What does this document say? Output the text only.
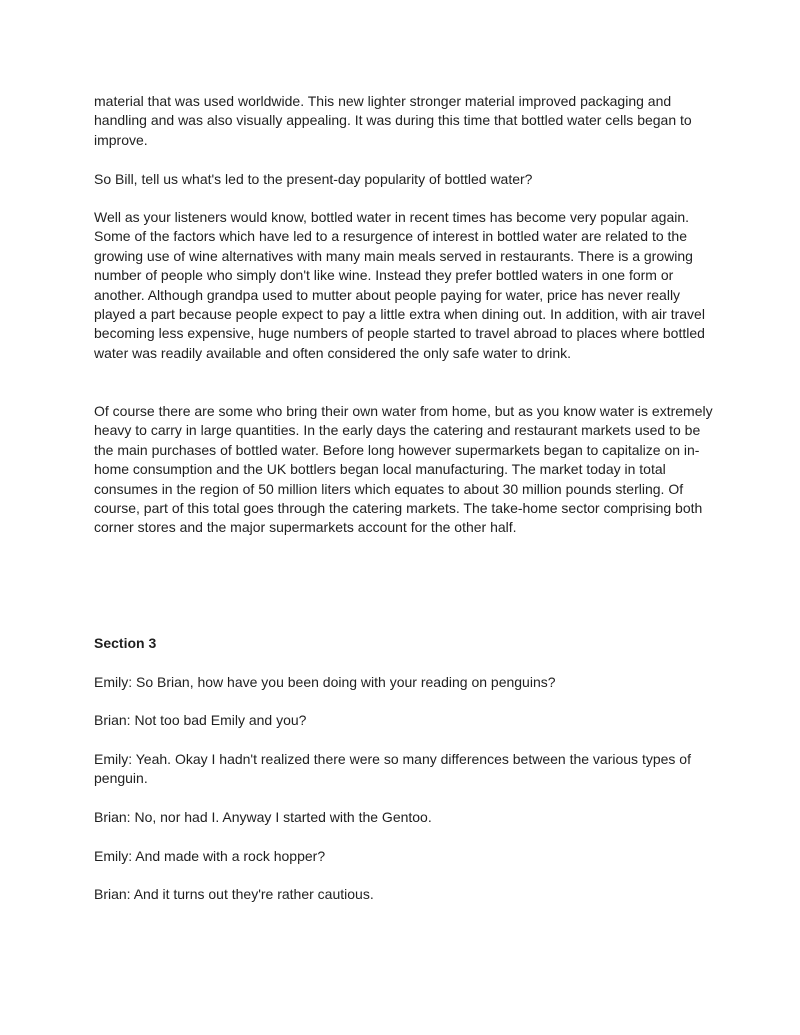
material that was used worldwide. This new lighter stronger material improved packaging and handling and was also visually appealing. It was during this time that bottled water cells began to improve.

So Bill, tell us what's led to the present-day popularity of bottled water?

Well as your listeners would know, bottled water in recent times has become very popular again. Some of the factors which have led to a resurgence of interest in bottled water are related to the growing use of wine alternatives with many main meals served in restaurants. There is a growing number of people who simply don't like wine. Instead they prefer bottled waters in one form or another. Although grandpa used to mutter about people paying for water, price has never really played a part because people expect to pay a little extra when dining out. In addition, with air travel becoming less expensive, huge numbers of people started to travel abroad to places where bottled water was readily available and often considered the only safe water to drink.

Of course there are some who bring their own water from home, but as you know water is extremely heavy to carry in large quantities. In the early days the catering and restaurant markets used to be the main purchases of bottled water. Before long however supermarkets began to capitalize on in-home consumption and the UK bottlers began local manufacturing. The market today in total consumes in the region of 50 million liters which equates to about 30 million pounds sterling. Of course, part of this total goes through the catering markets. The take-home sector comprising both corner stores and the major supermarkets account for the other half.

Section 3

Emily: So Brian, how have you been doing with your reading on penguins?

Brian: Not too bad Emily and you?

Emily: Yeah. Okay I hadn't realized there were so many differences between the various types of penguin.

Brian: No, nor had I. Anyway I started with the Gentoo.

Emily: And made with a rock hopper?

Brian: And it turns out they're rather cautious.
